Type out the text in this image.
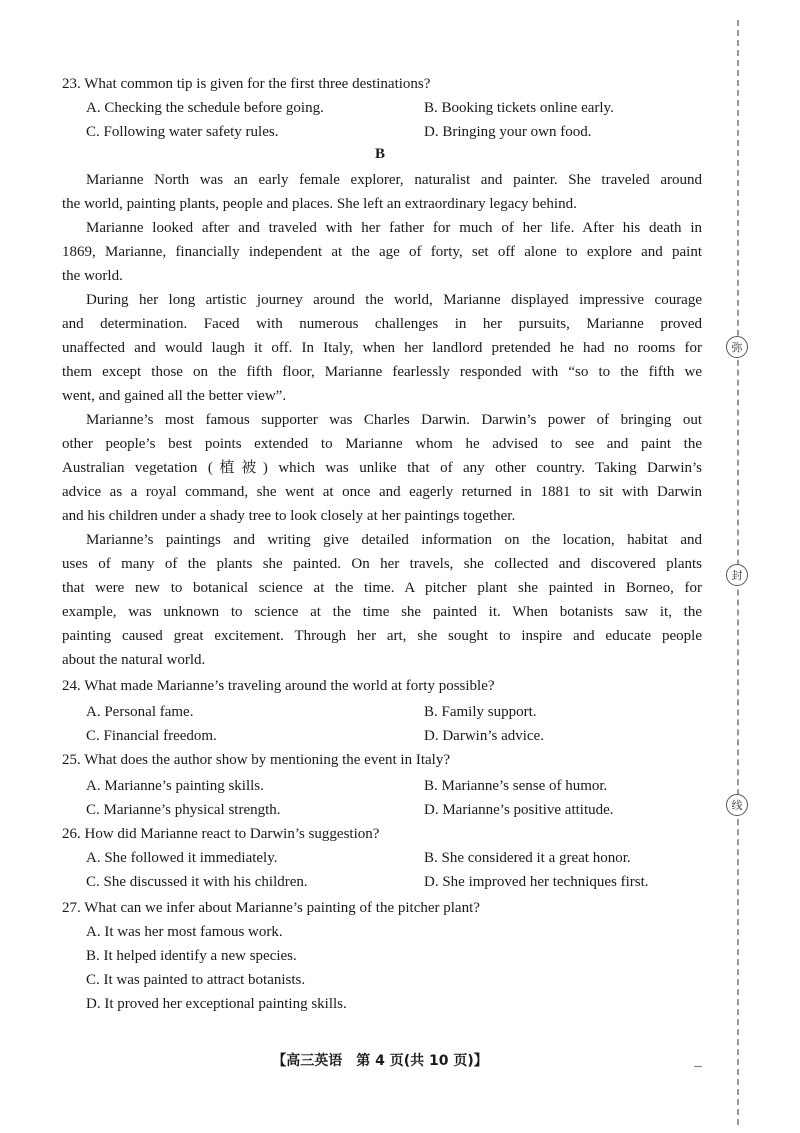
23. What common tip is given for the first three destinations?
A. Checking the schedule before going.	B. Booking tickets online early.
C. Following water safety rules.	D. Bringing your own food.
B
Marianne North was an early female explorer, naturalist and painter. She traveled around
the world, painting plants, people and places. She left an extraordinary legacy behind.
Marianne looked after and traveled with her father for much of her life. After his death in
1869, Marianne, financially independent at the age of forty, set off alone to explore and paint
the world.
During her long artistic journey around the world, Marianne displayed impressive courage
and determination. Faced with numerous challenges in her pursuits, Marianne proved
unaffected and would laugh it off. In Italy, when her landlord pretended he had no rooms for
them except those on the fifth floor, Marianne fearlessly responded with “so to the fifth we
went, and gained all the better view”.
Marianne’s most famous supporter was Charles Darwin. Darwin’s power of bringing out
other people’s best points extended to Marianne whom he advised to see and paint the
Australian vegetation (植被) which was unlike that of any other country. Taking Darwin’s
advice as a royal command, she went at once and eagerly returned in 1881 to sit with Darwin
and his children under a shady tree to look closely at her paintings together.
Marianne’s paintings and writing give detailed information on the location, habitat and
uses of many of the plants she painted. On her travels, she collected and discovered plants
that were new to botanical science at the time. A pitcher plant she painted in Borneo, for
example, was unknown to science at the time she painted it. When botanists saw it, the
painting caused great excitement. Through her art, she sought to inspire and educate people
about the natural world.
24. What made Marianne’s traveling around the world at forty possible?
A. Personal fame.	B. Family support.
C. Financial freedom.	D. Darwin’s advice.
25. What does the author show by mentioning the event in Italy?
A. Marianne’s painting skills.	B. Marianne’s sense of humor.
C. Marianne’s physical strength.	D. Marianne’s positive attitude.
26. How did Marianne react to Darwin’s suggestion?
A. She followed it immediately.	B. She considered it a great honor.
C. She discussed it with his children.	D. She improved her techniques first.
27. What can we infer about Marianne’s painting of the pitcher plant?
A. It was her most famous work.
B. It helped identify a new species.
C. It was painted to attract botanists.
D. It proved her exceptional painting skills.
弥
封
线
【高三英语　第 4 页(共 10 页)】
